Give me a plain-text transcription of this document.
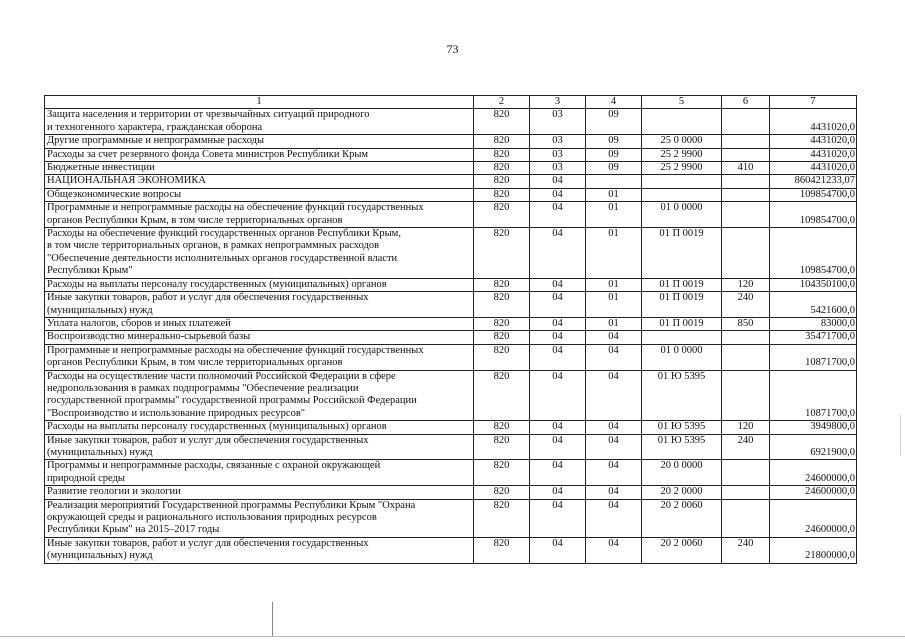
73
1	2	3	4	5	6	7

Защита населения и территории от чрезвычайных ситуаций природного
и техногенного характера, гражданская оборона	820	03	09			4431020,0

Другие программные и непрограммные расходы	820	03	09	25 0 0000		4431020,0

Расходы за счет резервного фонда Совета министров Республики Крым	820	03	09	25 2 9900		4431020,0

Бюджетные инвестиции	820	03	09	25 2 9900	410	4431020,0

НАЦИОНАЛЬНАЯ ЭКОНОМИКА	820	04				860421233,07

Общеэкономические вопросы	820	04	01			109854700,0

Программные и непрограммные расходы на обеспечение функций государственных
органов Республики Крым, в том числе территориальных органов	820	04	01	01 0 0000		109854700,0

Расходы на обеспечение функций государственных органов Республики Крым,
в том числе территориальных органов, в рамках непрограммных расходов
"Обеспечение деятельности исполнительных органов государственной власти
Республики Крым"	820	04	01	01 П 0019		109854700,0

Расходы на выплаты персоналу государственных (муниципальных) органов	820	04	01	01 П 0019	120	104350100,0

Иные закупки товаров, работ и услуг для обеспечения государственных
(муниципальных) нужд	820	04	01	01 П 0019	240	5421600,0

Уплата налогов, сборов и иных платежей	820	04	01	01 П 0019	850	83000,0

Воспроизводство минерально-сырьевой базы	820	04	04			35471700,0

Программные и непрограммные расходы на обеспечение функций государственных
органов Республики Крым, в том числе территориальных органов	820	04	04	01 0 0000		10871700,0

Расходы на осуществление части полномочий Российской Федерации в сфере
недропользования в рамках подпрограммы "Обеспечение реализации
государственной программы" государственной программы Российской Федерации
"Воспроизводство и использование природных ресурсов"	820	04	04	01 Ю 5395		10871700,0

Расходы на выплаты персоналу государственных (муниципальных) органов	820	04	04	01 Ю 5395	120	3949800,0

Иные закупки товаров, работ и услуг для обеспечения государственных
(муниципальных) нужд	820	04	04	01 Ю 5395	240	6921900,0

Программы и непрограммные расходы, связанные с охраной окружающей
природной среды	820	04	04	20 0 0000		24600000,0

Развитие геологии и экологии	820	04	04	20 2 0000		24600000,0

Реализация мероприятий Государственной программы Республики Крым "Охрана
окружающей среды и рационального использования природных ресурсов
Республики Крым" на 2015–2017 годы	820	04	04	20 2 0060		24600000,0

Иные закупки товаров, работ и услуг для обеспечения государственных
(муниципальных) нужд	820	04	04	20 2 0060	240	21800000,0
